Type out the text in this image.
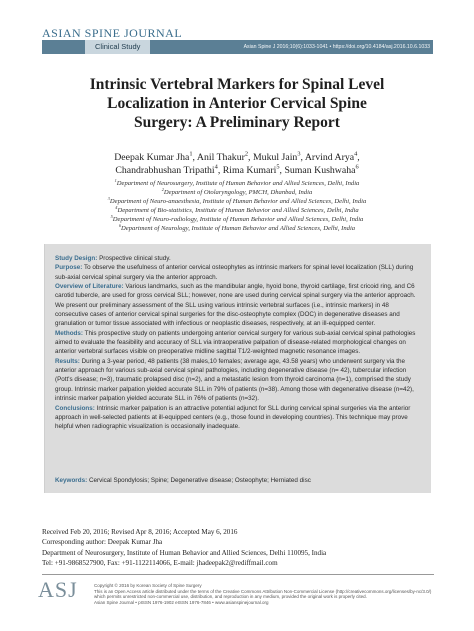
ASIAN SPINE JOURNAL
Clinical Study	Asian Spine J 2016;10(6):1033-1041 • https://doi.org/10.4184/asj.2016.10.6.1033
Intrinsic Vertebral Markers for Spinal Level
Localization in Anterior Cervical Spine
Surgery: A Preliminary Report
Deepak Kumar Jha$^1$, Anil Thakur$^2$, Mukul Jain$^3$, Arvind Arya$^4$,
Chandrabhushan Tripathi$^4$, Rima Kumari$^5$, Suman Kushwaha$^6$
$^1$Department of Neurosurgery, Institute of Human Behavior and Allied Sciences, Delhi, India
$^2$Department of Otolaryngology, PMCH, Dhanbad, India
$^3$Department of Neuro-anaesthesia, Institute of Human Behavior and Allied Sciences, Delhi, India
$^4$Department of Bio-statistics, Institute of Human Behavior and Allied Sciences, Delhi, India
$^5$Department of Neuro-radiology, Institute of Human Behavior and Allied Sciences, Delhi, India
$^6$Department of Neurology, Institute of Human Behavior and Allied Sciences, Delhi, India

Study Design: Prospective clinical study.

Purpose: To observe the usefulness of anterior cervical osteophytes as intrinsic markers for spinal level localization (SLL) during sub-axial cervical spinal surgery via the anterior approach.

Overview of Literature: Various landmarks, such as the mandibular angle, hyoid bone, thyroid cartilage, first cricoid ring, and C6 carotid tubercle, are used for gross cervical SLL; however, none are used during cervical spinal surgery via the anterior approach. We present our preliminary assessment of the SLL using various intrinsic vertebral surfaces (i.e., intrinsic markers) in 48 consecutive cases of anterior cervical spinal surgeries for the disc-osteophyte complex (DOC) in degenerative diseases and granulation or tumor tissue associated with infectious or neoplastic diseases, respectively, at an ill-equipped center.

Methods: This prospective study on patients undergoing anterior cervical surgery for various sub-axial cervical spinal pathologies aimed to evaluate the feasibility and accuracy of SLL via intraoperative palpation of disease-related morphological changes on anterior vertebral surfaces visible on preoperative midline sagittal T1/2-weighted magnetic resonance images.

Results: During a 3-year period, 48 patients (38 males,10 females; average age, 43.58 years) who underwent surgery via the anterior approach for various sub-axial cervical spinal pathologies, including degenerative disease (n= 42), tubercular infection (Pott's disease; n=3), traumatic prolapsed disc (n=2), and a metastatic lesion from thyroid carcinoma (n=1), comprised the study group. Intrinsic marker palpation yielded accurate SLL in 79% of patients (n=38). Among those with degenerative disease (n=42), intrinsic marker palpation yielded accurate SLL in 76% of patients (n=32).

Conclusions: Intrinsic marker palpation is an attractive potential adjunct for SLL during cervical spinal surgeries via the anterior approach in well-selected patients at ill-equipped centers (e.g., those found in developing countries). This technique may prove helpful when radiographic visualization is occasionally inadequate.

Keywords: Cervical Spondylosis; Spine; Degenerative disease; Osteophyte; Herniated disc
Received Feb 20, 2016; Revised Apr 8, 2016; Accepted May 6, 2016
Corresponding author: Deepak Kumar Jha
Department of Neurosurgery, Institute of Human Behavior and Allied Sciences, Delhi 110095, India
Tel: +91-9868527900, Fax: +91-1122114066, E-mail: jhadeepak2@rediffmail.com
ASJ	Copyright © 2016 by Korean Society of Spine Surgery
This is an Open Access article distributed under the terms of the Creative Commons Attribution Non-Commercial License (http://creativecommons.org/licenses/by-nc/3.0/)
which permits unrestricted non-commercial use, distribution, and reproduction in any medium, provided the original work is properly cited.
Asian Spine Journal • pISSN 1976-1902 eISSN 1976-7846 • www.asianspinejournal.org
